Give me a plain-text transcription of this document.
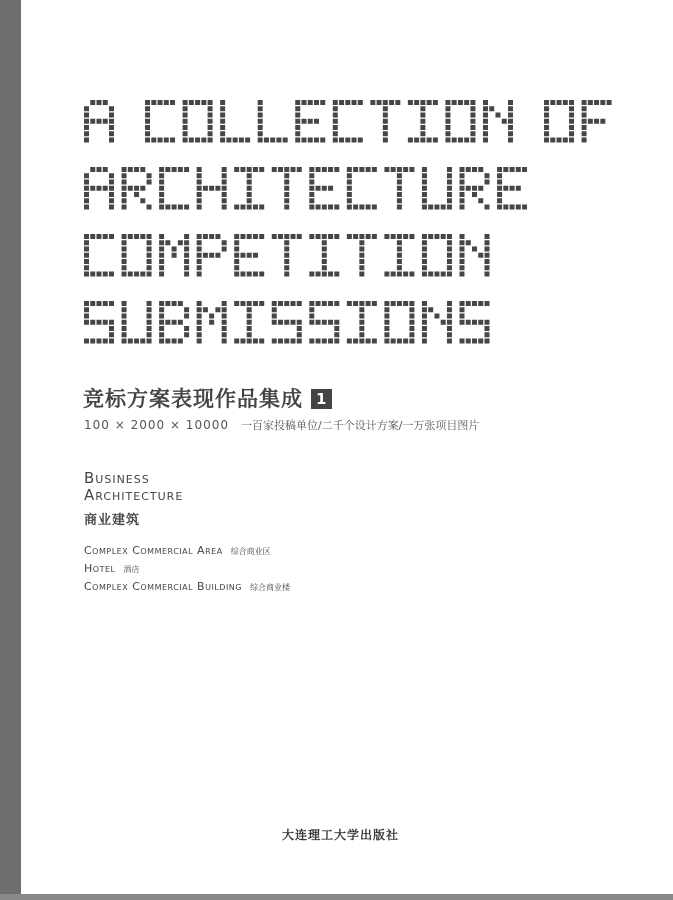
竞标方案表现作品集成 1
100 × 2000 × 10000 一百家投稿单位/二千个设计方案/一万张项目图片
Business
Architecture
商业建筑
Complex Commercial Area 综合商业区
Hotel 酒店
Complex Commercial Building 综合商业楼
大连理工大学出版社
